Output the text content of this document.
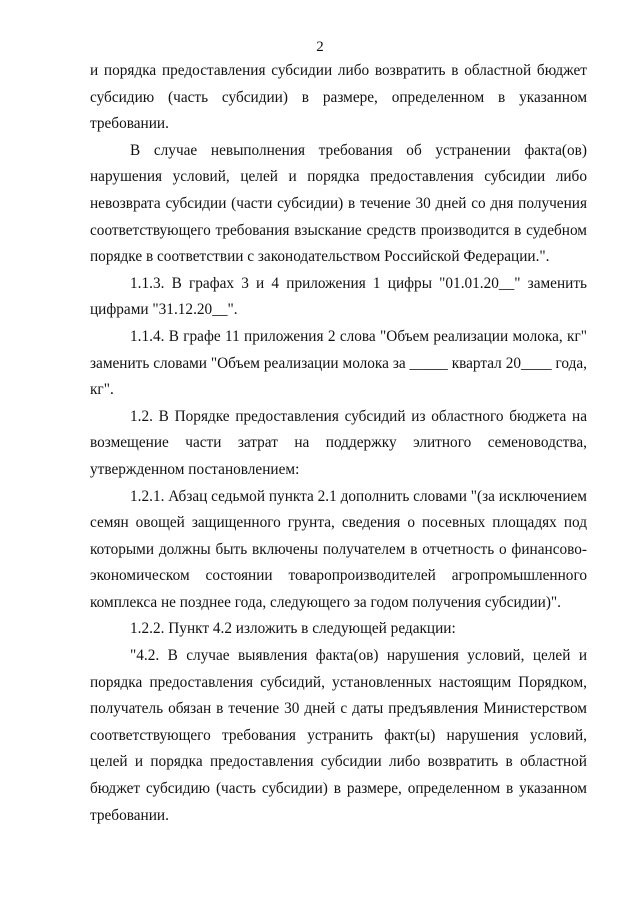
2

и порядка предоставления субсидии либо возвратить в областной бюджет субсидию (часть субсидии) в размере, определенном в указанном требовании.

В случае невыполнения требования об устранении факта(ов) нарушения условий, целей и порядка предоставления субсидии либо невозврата субсидии (части субсидии) в течение 30 дней со дня получения соответствующего требования взыскание средств производится в судебном порядке в соответствии с законодательством Российской Федерации.".

1.1.3. В графах 3 и 4 приложения 1 цифры "01.01.20__" заменить цифрами "31.12.20__".

1.1.4. В графе 11 приложения 2 слова "Объем реализации молока, кг" заменить словами "Объем реализации молока за _____ квартал 20____ года, кг".

1.2. В Порядке предоставления субсидий из областного бюджета на возмещение части затрат на поддержку элитного семеноводства, утвержденном постановлением:

1.2.1. Абзац седьмой пункта 2.1 дополнить словами "(за исключением семян овощей защищенного грунта, сведения о посевных площадях под которыми должны быть включены получателем в отчетность о финансово-экономическом состоянии товаропроизводителей агропромышленного комплекса не позднее года, следующего за годом получения субсидии)".

1.2.2. Пункт 4.2 изложить в следующей редакции:

"4.2. В случае выявления факта(ов) нарушения условий, целей и порядка предоставления субсидий, установленных настоящим Порядком, получатель обязан в течение 30 дней с даты предъявления Министерством соответствующего требования устранить факт(ы) нарушения условий, целей и порядка предоставления субсидии либо возвратить в областной бюджет субсидию (часть субсидии) в размере, определенном в указанном требовании.
